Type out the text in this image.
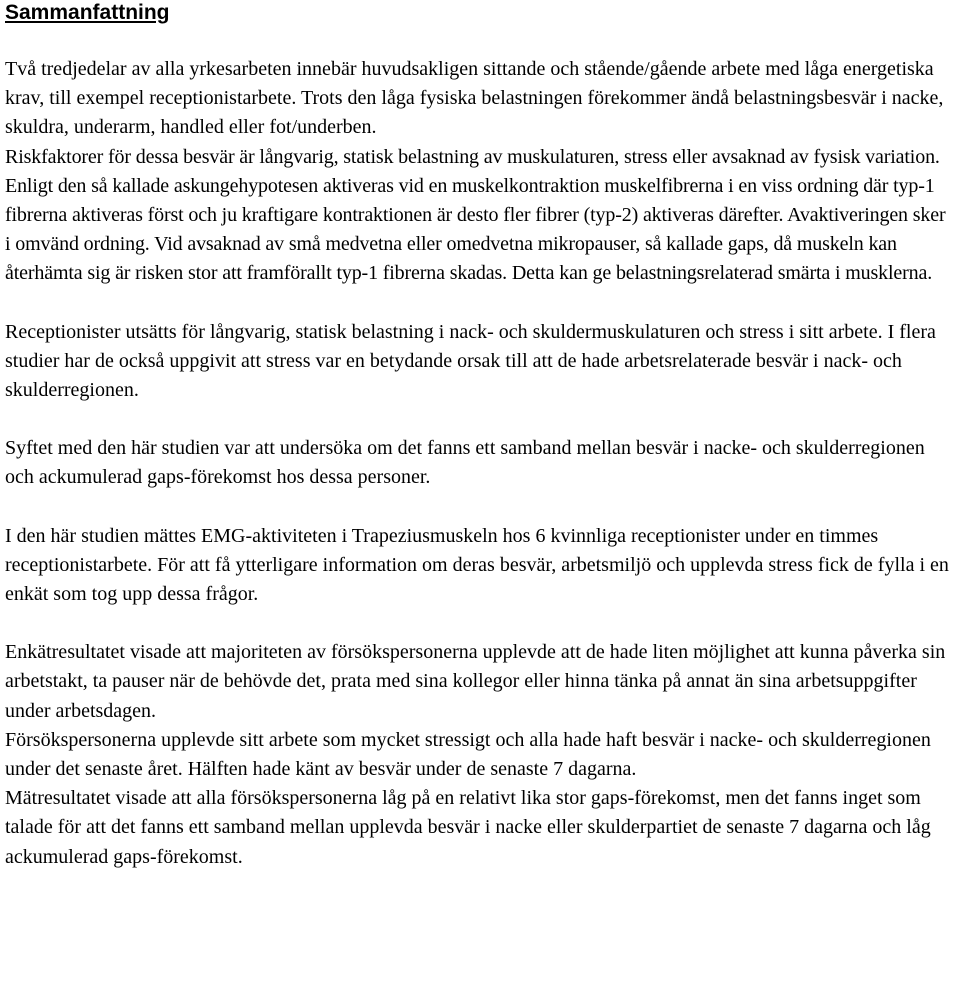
Sammanfattning

Två tredjedelar av alla yrkesarbeten innebär huvudsakligen sittande och stående/gående arbete med låga energetiska krav, till exempel receptionistarbete. Trots den låga fysiska belastningen förekommer ändå belastningsbesvär i nacke, skuldra, underarm, handled eller fot/underben.

Riskfaktorer för dessa besvär är långvarig, statisk belastning av muskulaturen, stress eller avsaknad av fysisk variation.

Enligt den så kallade askungehypotesen aktiveras vid en muskelkontraktion muskelfibrerna i en viss ordning där typ-1 fibrerna aktiveras först och ju kraftigare kontraktionen är desto fler fibrer (typ-2) aktiveras därefter. Avaktiveringen sker i omvänd ordning. Vid avsaknad av små medvetna eller omedvetna mikropauser, så kallade gaps, då muskeln kan återhämta sig är risken stor att framförallt typ-1 fibrerna skadas. Detta kan ge belastningsrelaterad smärta i musklerna.

Receptionister utsätts för långvarig, statisk belastning i nack- och skuldermuskulaturen och stress i sitt arbete. I flera studier har de också uppgivit att stress var en betydande orsak till att de hade arbetsrelaterade besvär i nack- och skulderregionen.

Syftet med den här studien var att undersöka om det fanns ett samband mellan besvär i nacke- och skulderregionen och ackumulerad gaps-förekomst hos dessa personer.

I den här studien mättes EMG-aktiviteten i Trapeziusmuskeln hos 6 kvinnliga receptionister under en timmes receptionistarbete. För att få ytterligare information om deras besvär, arbetsmiljö och upplevda stress fick de fylla i en enkät som tog upp dessa frågor.

Enkätresultatet visade att majoriteten av försökspersonerna upplevde att de hade liten möjlighet att kunna påverka sin arbetstakt, ta pauser när de behövde det, prata med sina kollegor eller hinna tänka på annat än sina arbetsuppgifter under arbetsdagen.

Försökspersonerna upplevde sitt arbete som mycket stressigt och alla hade haft besvär i nacke- och skulderregionen under det senaste året. Hälften hade känt av besvär under de senaste 7 dagarna.

Mätresultatet visade att alla försökspersonerna låg på en relativt lika stor gaps-förekomst, men det fanns inget som talade för att det fanns ett samband mellan upplevda besvär i nacke eller skulderpartiet de senaste 7 dagarna och låg ackumulerad gaps-förekomst.
